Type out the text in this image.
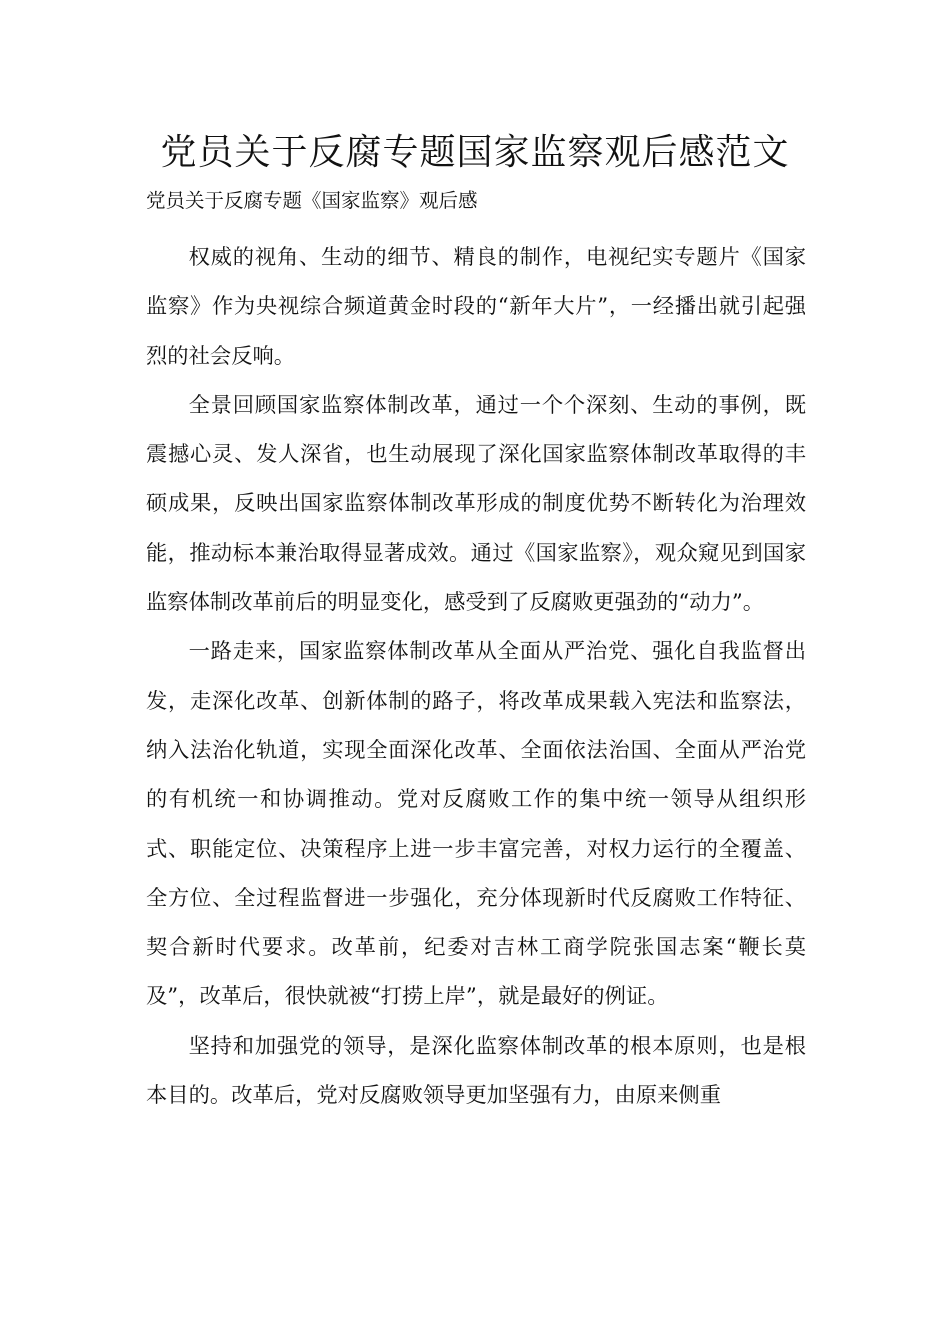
党员关于反腐专题国家监察观后感范文

党员关于反腐专题《国家监察》观后感

权威的视角、生动的细节、精良的制作，电视纪实专题片《国家监察》作为央视综合频道黄金时段的“新年大片”，一经播出就引起强烈的社会反响。

全景回顾国家监察体制改革，通过一个个深刻、生动的事例，既震撼心灵、发人深省，也生动展现了深化国家监察体制改革取得的丰硕成果，反映出国家监察体制改革形成的制度优势不断转化为治理效能，推动标本兼治取得显著成效。通过《国家监察》，观众窥见到国家监察体制改革前后的明显变化，感受到了反腐败更强劲的“动力”。

一路走来，国家监察体制改革从全面从严治党、强化自我监督出发，走深化改革、创新体制的路子，将改革成果载入宪法和监察法，纳入法治化轨道，实现全面深化改革、全面依法治国、全面从严治党的有机统一和协调推动。党对反腐败工作的集中统一领导从组织形式、职能定位、决策程序上进一步丰富完善，对权力运行的全覆盖、全方位、全过程监督进一步强化，充分体现新时代反腐败工作特征、契合新时代要求。改革前，纪委对吉林工商学院张国志案“鞭长莫及”，改革后，很快就被“打捞上岸”，就是最好的例证。

坚持和加强党的领导，是深化监察体制改革的根本原则，也是根本目的。改革后，党对反腐败领导更加坚强有力，由原来侧重
